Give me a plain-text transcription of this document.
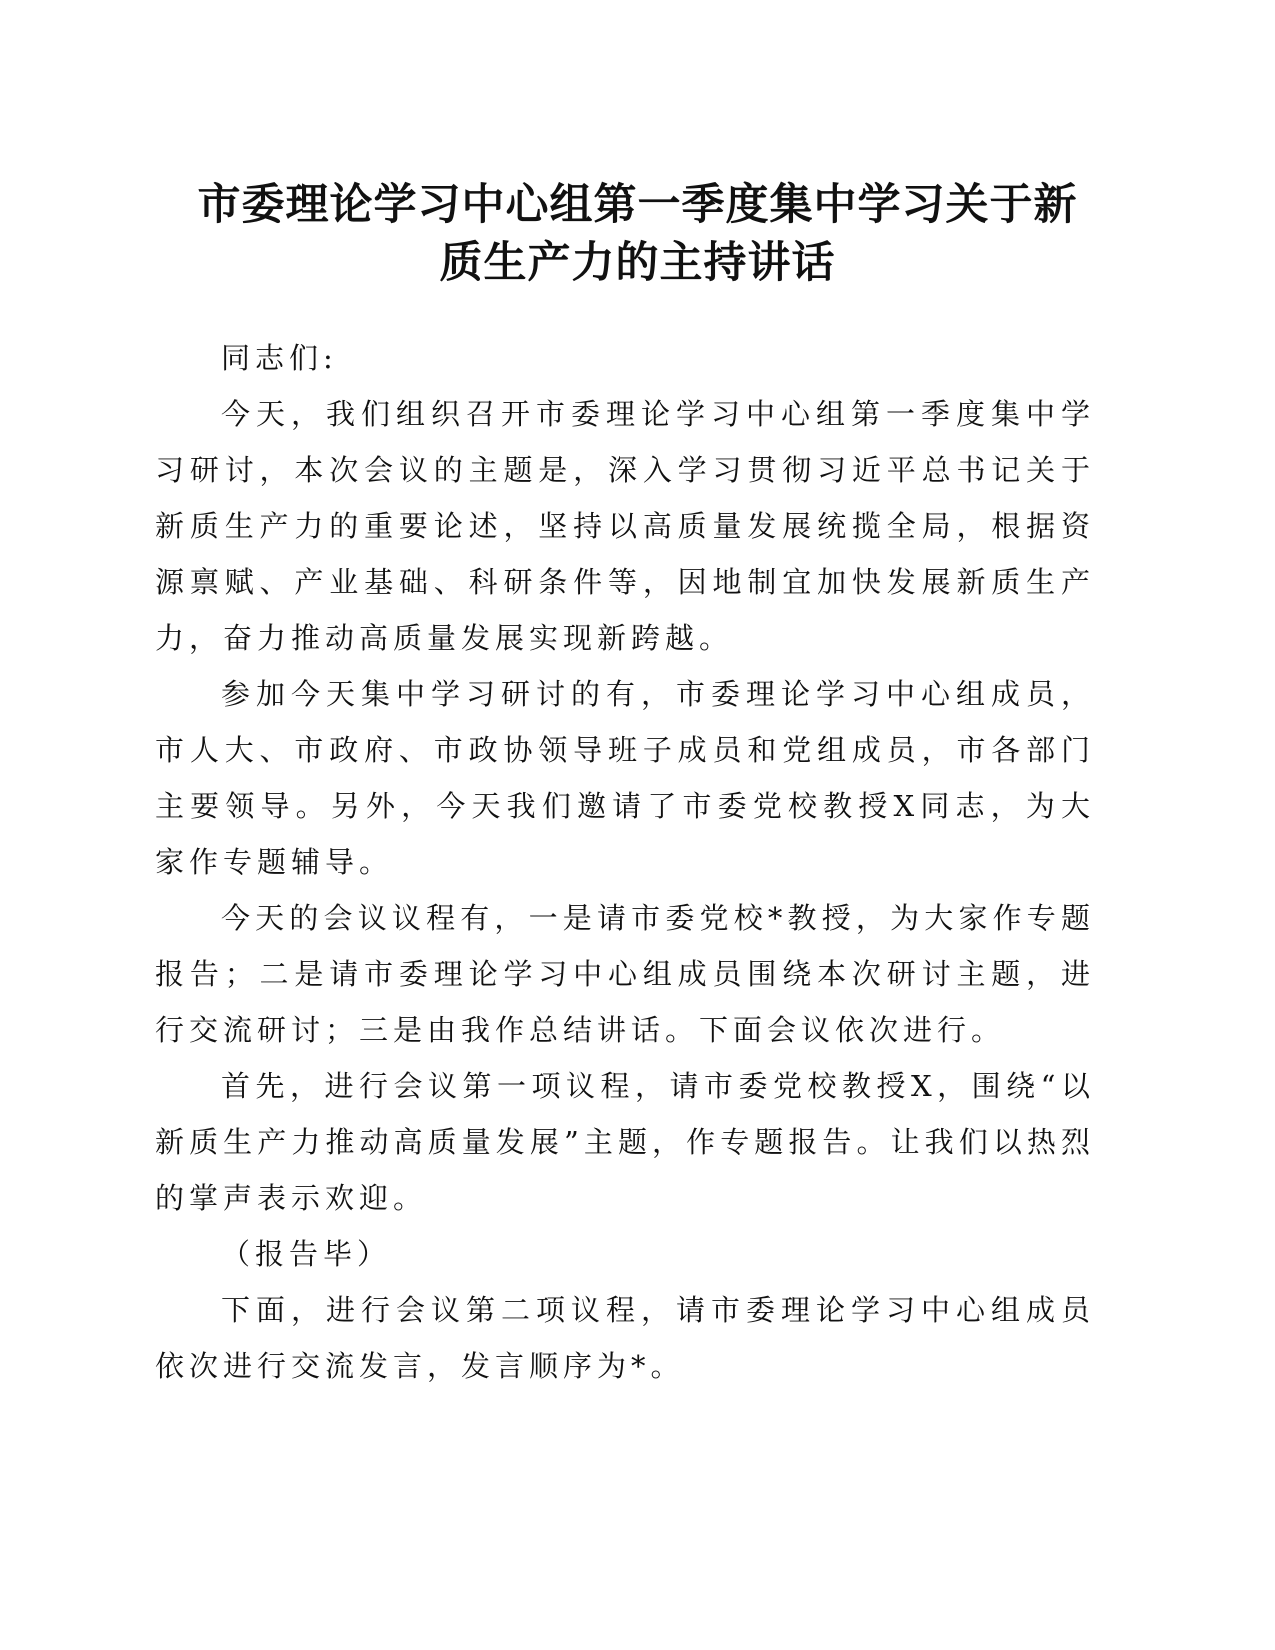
市委理论学习中心组第一季度集中学习关于新
质生产力的主持讲话

同志们:

今天，我们组织召开市委理论学习中心组第一季度集中学习研讨，本次会议的主题是，深入学习贯彻习近平总书记关于新质生产力的重要论述，坚持以高质量发展统揽全局，根据资源禀赋、产业基础、科研条件等，因地制宜加快发展新质生产力，奋力推动高质量发展实现新跨越。

参加今天集中学习研讨的有，市委理论学习中心组成员，市人大、市政府、市政协领导班子成员和党组成员，市各部门主要领导。另外，今天我们邀请了市委党校教授X同志，为大家作专题辅导。

今天的会议议程有，一是请市委党校*教授，为大家作专题报告；二是请市委理论学习中心组成员围绕本次研讨主题，进行交流研讨；三是由我作总结讲话。下面会议依次进行。

首先，进行会议第一项议程，请市委党校教授X，围绕“以新质生产力推动高质量发展”主题，作专题报告。让我们以热烈的掌声表示欢迎。

（报告毕）

下面，进行会议第二项议程，请市委理论学习中心组成员依次进行交流发言，发言顺序为*。
